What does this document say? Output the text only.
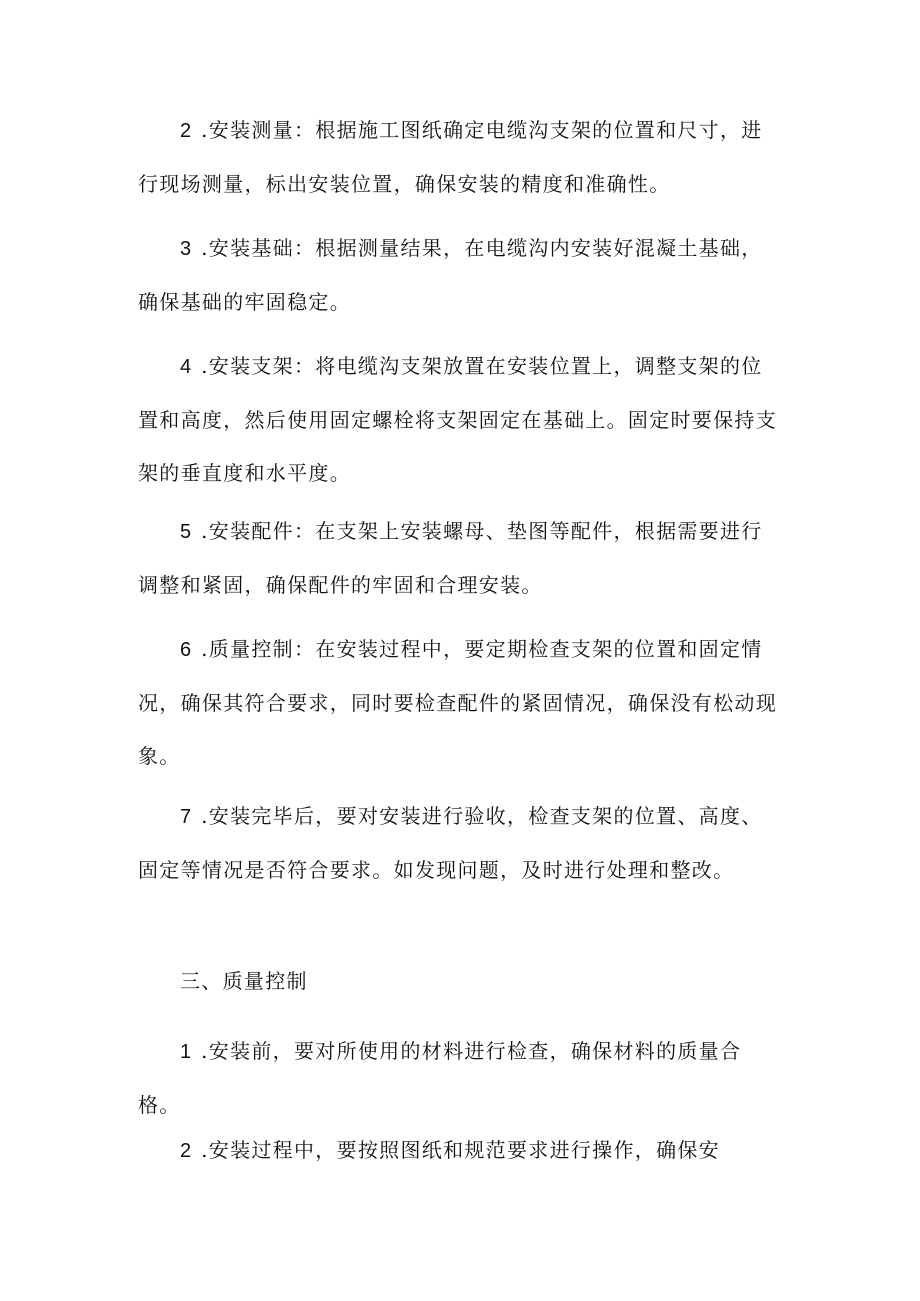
2 .安装测量：根据施工图纸确定电缆沟支架的位置和尺寸，进行现场测量，标出安装位置，确保安装的精度和准确性。

3 .安装基础：根据测量结果，在电缆沟内安装好混凝土基础，确保基础的牢固稳定。

4 .安装支架：将电缆沟支架放置在安装位置上，调整支架的位置和高度，然后使用固定螺栓将支架固定在基础上。固定时要保持支架的垂直度和水平度。

5 .安装配件：在支架上安装螺母、垫图等配件，根据需要进行调整和紧固，确保配件的牢固和合理安装。

6 .质量控制：在安装过程中，要定期检查支架的位置和固定情况，确保其符合要求，同时要检查配件的紧固情况，确保没有松动现象。

7 .安装完毕后，要对安装进行验收，检查支架的位置、高度、固定等情况是否符合要求。如发现问题，及时进行处理和整改。

三、质量控制

1 .安装前，要对所使用的材料进行检查，确保材料的质量合格。

2 .安装过程中，要按照图纸和规范要求进行操作，确保安
